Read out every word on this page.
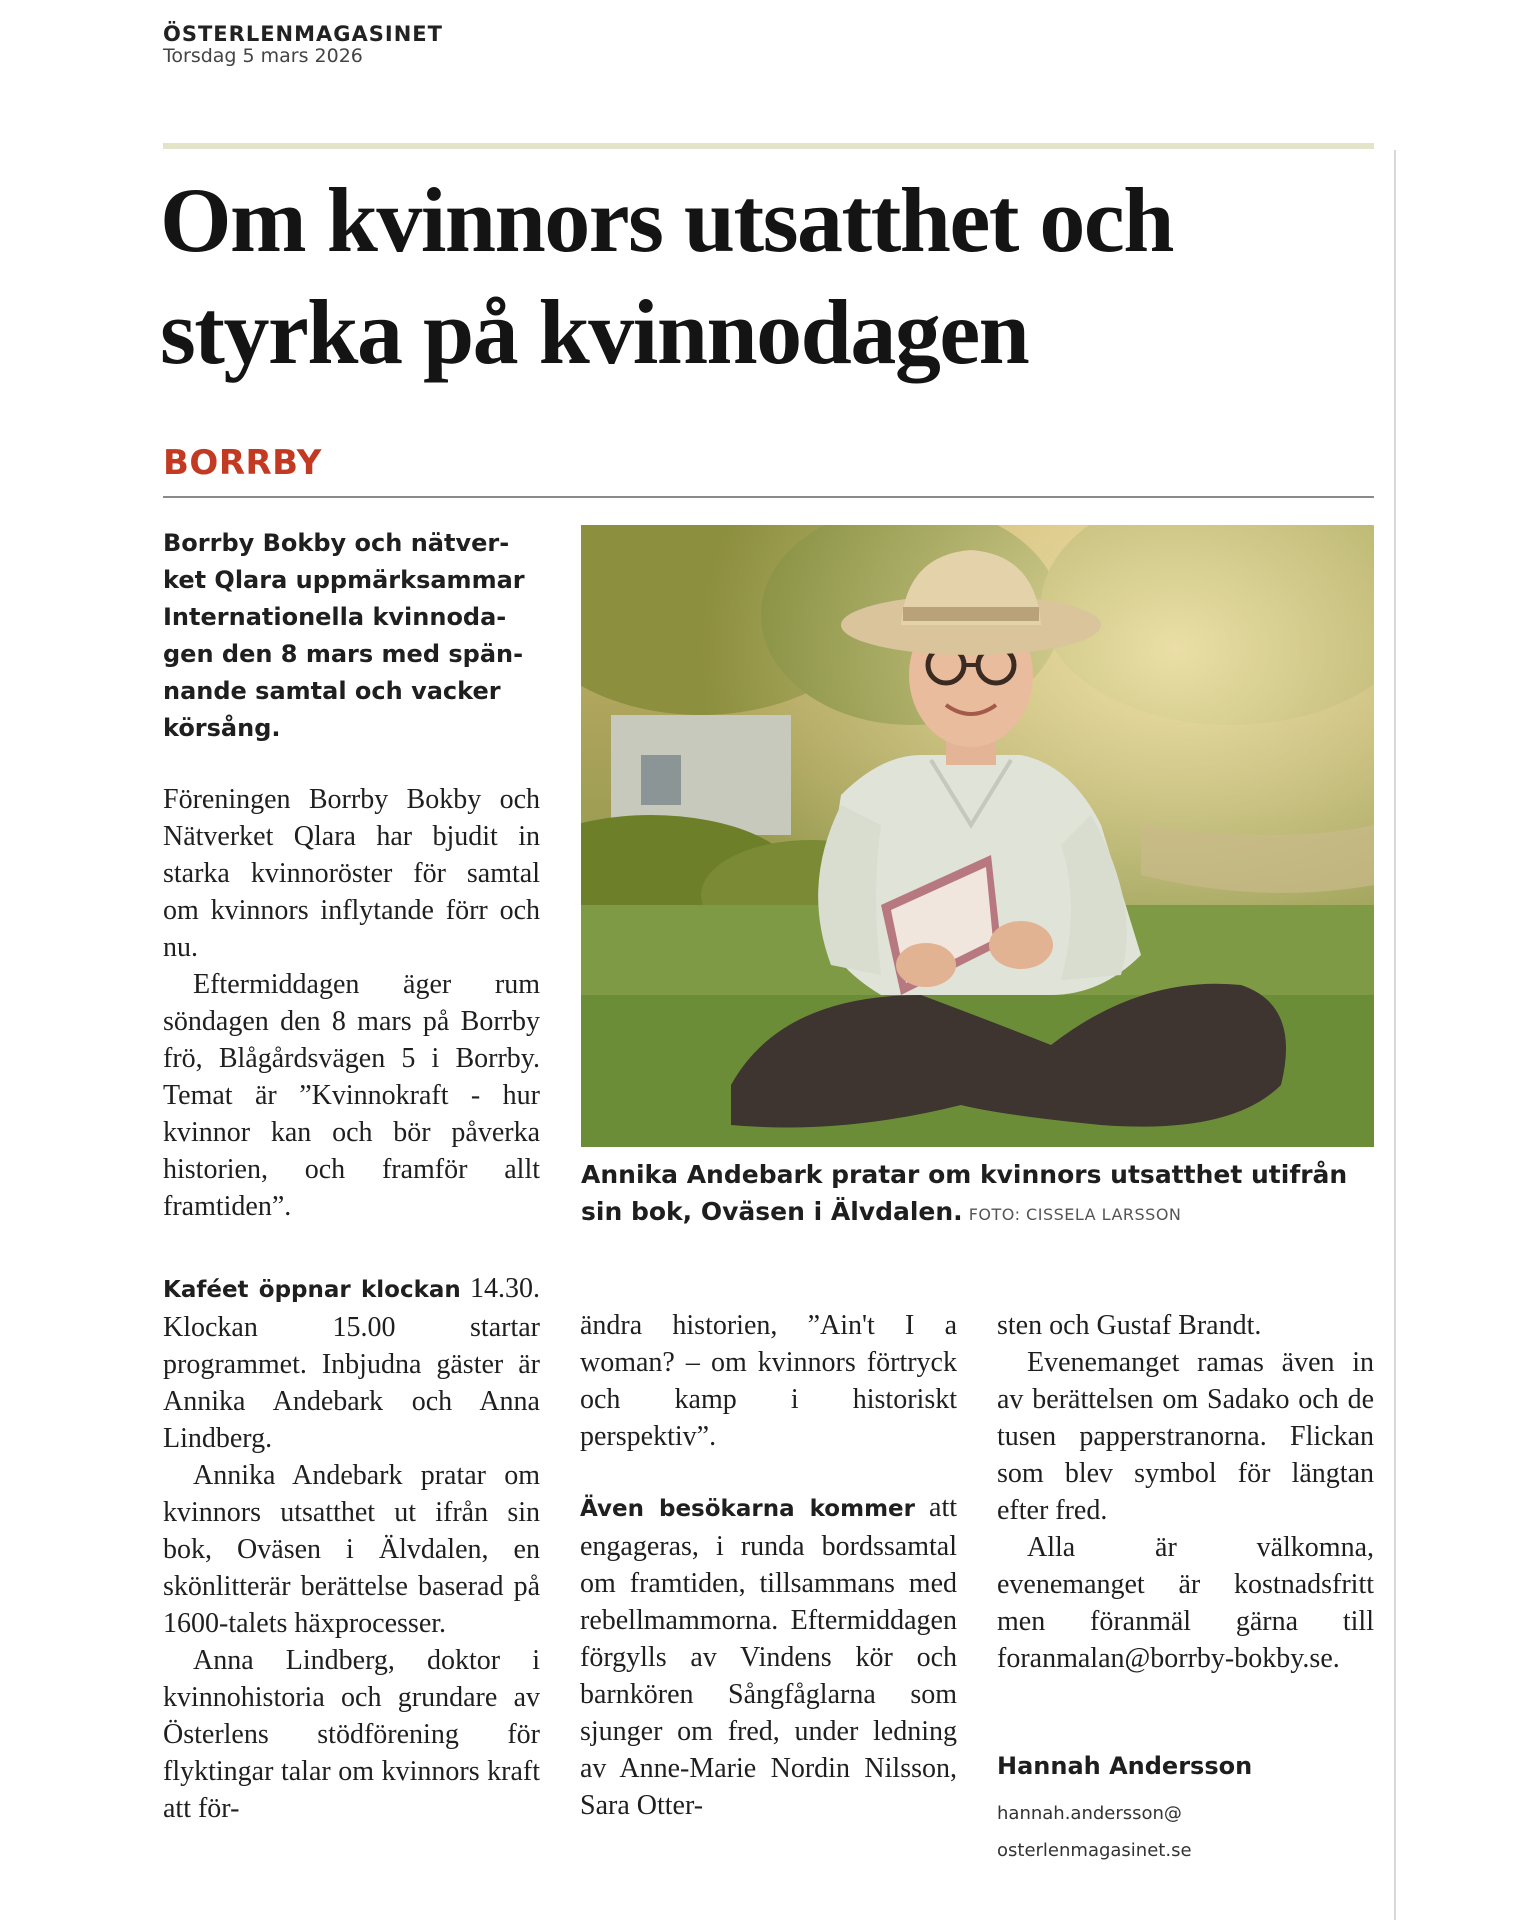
ÖSTERLENMAGASINET
Torsdag 5 mars 2026
Om kvinnors utsatthet och
styrka på kvinnodagen
BORRBY

Borrby Bokby och nätver-ket Qlara uppmärksammar Internationella kvinnoda-gen den 8 mars med spän-nande samtal och vacker körsång.

Föreningen Borrby Bokby och Nätverket Qlara har bjudit in starka kvinnoröster för samtal om kvinnors inflytande förr och nu.

Eftermiddagen äger rum söndagen den 8 mars på Borrby frö, Blågårdsvägen 5 i Borrby. Temat är ”Kvinnokraft - hur kvinnor kan och bör påverka historien, och framför allt framtiden”.

Annika Andebark pratar om kvinnors utsatthet utifrån sin bok, Oväsen i Älvdalen. FOTO: CISSELA LARSSON

Kaféet öppnar klockan 14.30. Klockan 15.00 startar programmet. Inbjudna gäster är Annika Andebark och Anna Lindberg.

Annika Andebark pratar om kvinnors utsatthet ut ifrån sin bok, Oväsen i Älvdalen, en skönlitterär berättelse baserad på 1600-talets häxprocesser.

Anna Lindberg, doktor i kvinnohistoria och grundare av Österlens stödförening för flyktingar talar om kvinnors kraft att för-

ändra historien, ”Ain't I a woman? – om kvinnors förtryck och kamp i historiskt perspektiv”.

Även besökarna kommer att engageras, i runda bordssamtal om framtiden, tillsammans med rebellmammorna. Eftermiddagen förgylls av Vindens kör och barnkören Sångfåglarna som sjunger om fred, under ledning av Anne-Marie Nordin Nilsson, Sara Otter-

sten och Gustaf Brandt.

Evenemanget ramas även in av berättelsen om Sadako och de tusen papperstranorna. Flickan som blev symbol för längtan efter fred.

Alla är välkomna, evenemanget är kostnadsfritt men föranmäl gärna till foranmalan@borrby-bokby.se.

Hannah Andersson

hannah.andersson@
osterlenmagasinet.se
